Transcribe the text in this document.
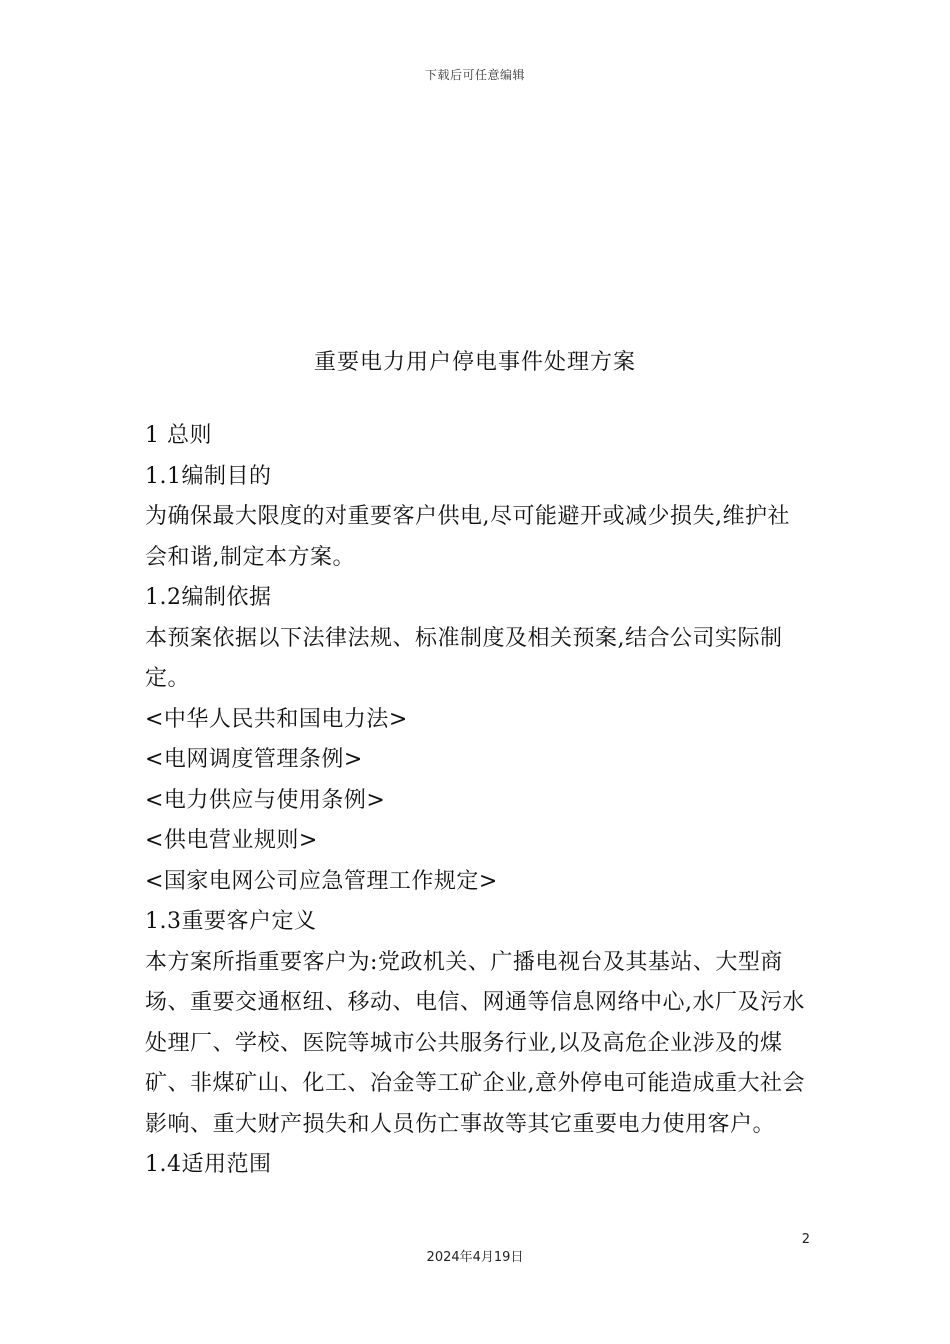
下载后可任意编辑
重要电力用户停电事件处理方案

1 总则

1.1编制目的

为确保最大限度的对重要客户供电,尽可能避开或减少损失,维护社会和谐,制定本方案。

1.2编制依据

本预案依据以下法律法规、标准制度及相关预案,结合公司实际制定。

<中华人民共和国电力法>

<电网调度管理条例>

<电力供应与使用条例>

<供电营业规则>

<国家电网公司应急管理工作规定>

1.3重要客户定义

本方案所指重要客户为:党政机关、广播电视台及其基站、大型商场、重要交通枢纽、移动、电信、网通等信息网络中心,水厂及污水处理厂、学校、医院等城市公共服务行业,以及高危企业涉及的煤矿、非煤矿山、化工、冶金等工矿企业,意外停电可能造成重大社会影响、重大财产损失和人员伤亡事故等其它重要电力使用客户。

1.4适用范围

2
2024年4月19日
